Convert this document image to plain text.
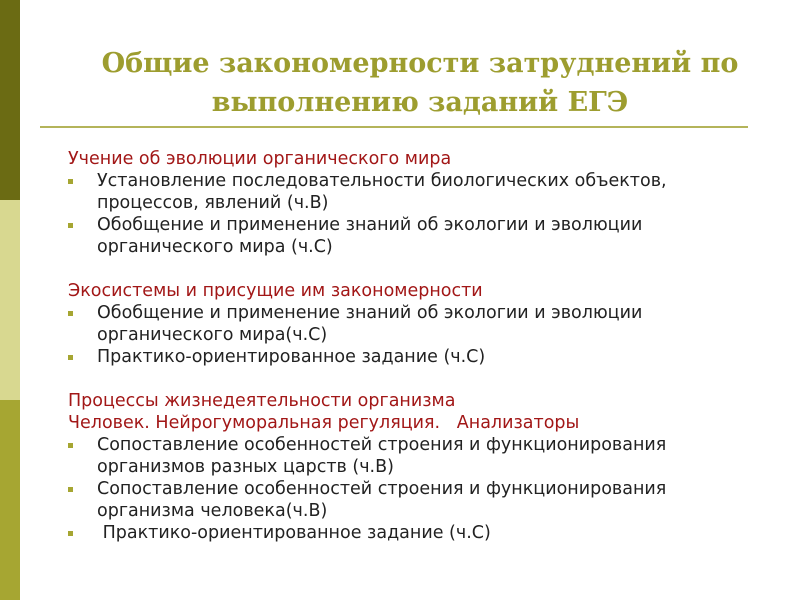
Общие закономерности затруднений по
выполнению заданий ЕГЭ

Учение об эволюции органического мира

Установление последовательности биологических объектов, процессов, явлений (ч.В)

Обобщение и применение знаний об экологии и эволюции органического мира (ч.С)

Экосистемы и присущие им закономерности

Обобщение и применение знаний об экологии и эволюции органического мира(ч.С)

Практико-ориентированное задание (ч.С)

Процессы жизнедеятельности организма

Человек. Нейрогуморальная регуляция.   Анализаторы

Сопоставление особенностей строения и функционирования организмов разных царств (ч.В)

Сопоставление особенностей строения и функционирования организма человека(ч.В)

Практико-ориентированное задание (ч.С)
